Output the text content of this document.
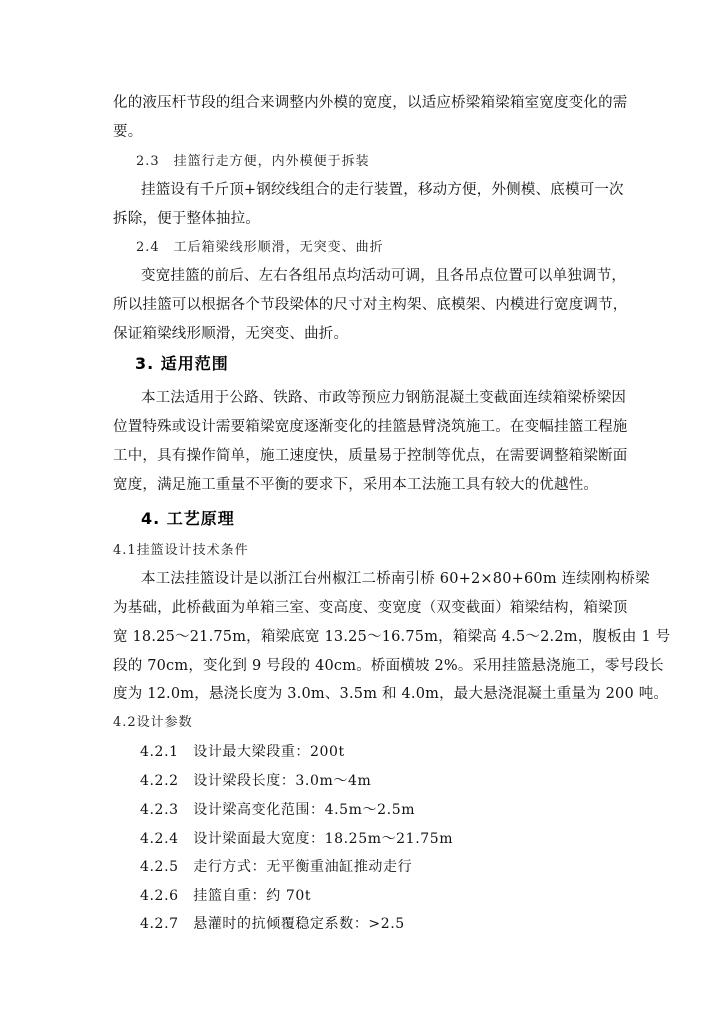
化的液压杆节段的组合来调整内外模的宽度，以适应桥梁箱梁箱室宽度变化的需
要。
2.3　挂篮行走方便，内外模便于拆装
挂篮设有千斤顶+钢绞线组合的走行装置，移动方便，外侧模、底模可一次
拆除，便于整体抽拉。
2.4　工后箱梁线形顺滑，无突变、曲折
变宽挂篮的前后、左右各组吊点均活动可调，且各吊点位置可以单独调节，
所以挂篮可以根据各个节段梁体的尺寸对主构架、底模架、内模进行宽度调节，
保证箱梁线形顺滑，无突变、曲折。
3. 适用范围
本工法适用于公路、铁路、市政等预应力钢筋混凝土变截面连续箱梁桥梁因
位置特殊或设计需要箱梁宽度逐渐变化的挂篮悬臂浇筑施工。在变幅挂篮工程施
工中，具有操作简单，施工速度快，质量易于控制等优点，在需要调整箱梁断面
宽度，满足施工重量不平衡的要求下，采用本工法施工具有较大的优越性。
4. 工艺原理
4.1挂篮设计技术条件
本工法挂篮设计是以浙江台州椒江二桥南引桥 60+2×80+60m 连续刚构桥梁
为基础，此桥截面为单箱三室、变高度、变宽度（双变截面）箱梁结构，箱梁顶
宽 18.25～21.75m，箱梁底宽 13.25～16.75m，箱梁高 4.5～2.2m，腹板由 1 号
段的 70cm，变化到 9 号段的 40cm。桥面横坡 2%。采用挂篮悬浇施工，零号段长
度为 12.0m，悬浇长度为 3.0m、3.5m 和 4.0m，最大悬浇混凝土重量为 200 吨。
4.2设计参数
4.2.1　设计最大梁段重：200t
4.2.2　设计梁段长度：3.0m～4m
4.2.3　设计梁高变化范围：4.5m～2.5m
4.2.4　设计梁面最大宽度：18.25m～21.75m
4.2.5　走行方式：无平衡重油缸推动走行
4.2.6　挂篮自重：约 70t
4.2.7　悬灌时的抗倾覆稳定系数：>2.5
